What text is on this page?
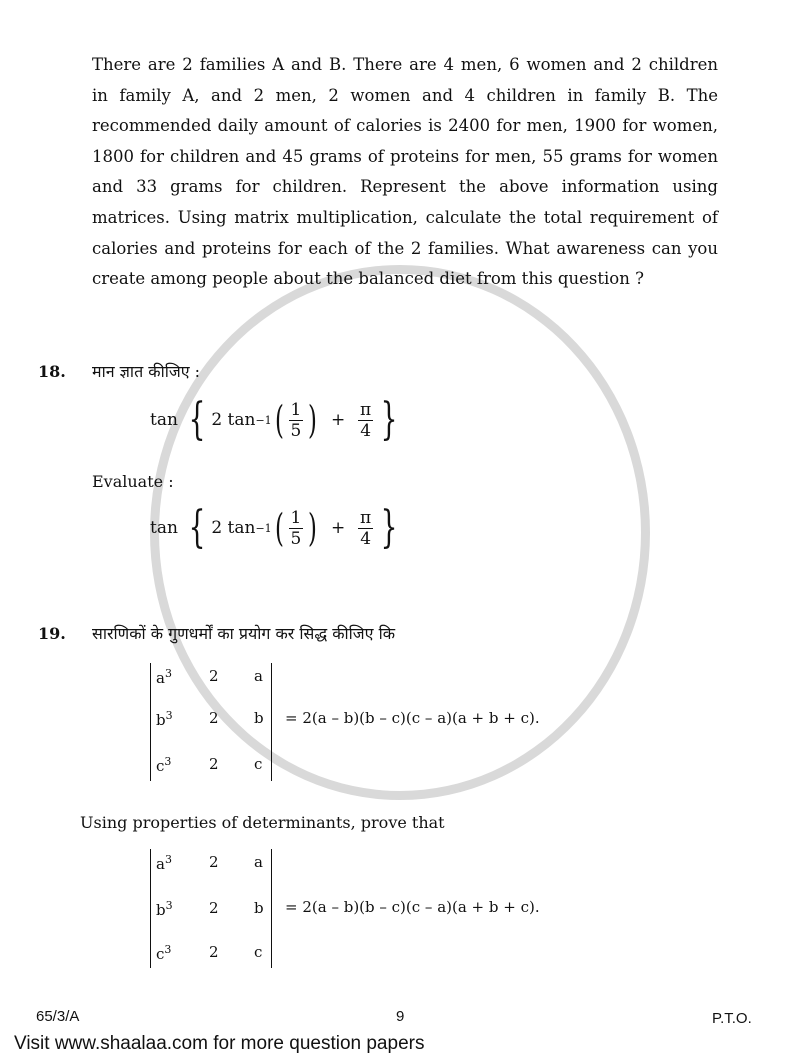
There are 2 families A and B. There are 4 men, 6 women and 2 children
in family A, and 2 men, 2 women and 4 children in family B. The
recommended daily amount of calories is 2400 for men, 1900 for women,
1800 for children and 45 grams of proteins for men, 55 grams for women
and 33 grams for children. Represent the above information using
matrices. Using matrix multiplication, calculate the total requirement of
calories and proteins for each of the 2 families. What awareness can you
create among people about the balanced diet from this question ?
18. मान ज्ञात कीजिए :
tan
{ 2 tan −1 ( $\frac{1}{5}$ )
+
$\frac{\pi}{4}$ }
Evaluate :
tan
{ 2 tan −1 ( $\frac{1}{5}$ )
+
$\frac{\pi}{4}$ }
19. सारणिकों के गुणधर्मों का प्रयोग कर सिद्ध कीजिए कि
$a^3$ 2 a
$b^3$ 2 b
$c^3$	2 c
= 2(a – b)(b – c)(c – a)(a + b + c).
Using properties of determinants, prove that
$a^3$ 2 a
$b^3$ 2 b
$c^3$	2 c
= 2(a – b)(b – c)(c – a)(a + b + c).
65/3/A	9	P.T.O.
Visit www.shaalaa.com for more question papers
